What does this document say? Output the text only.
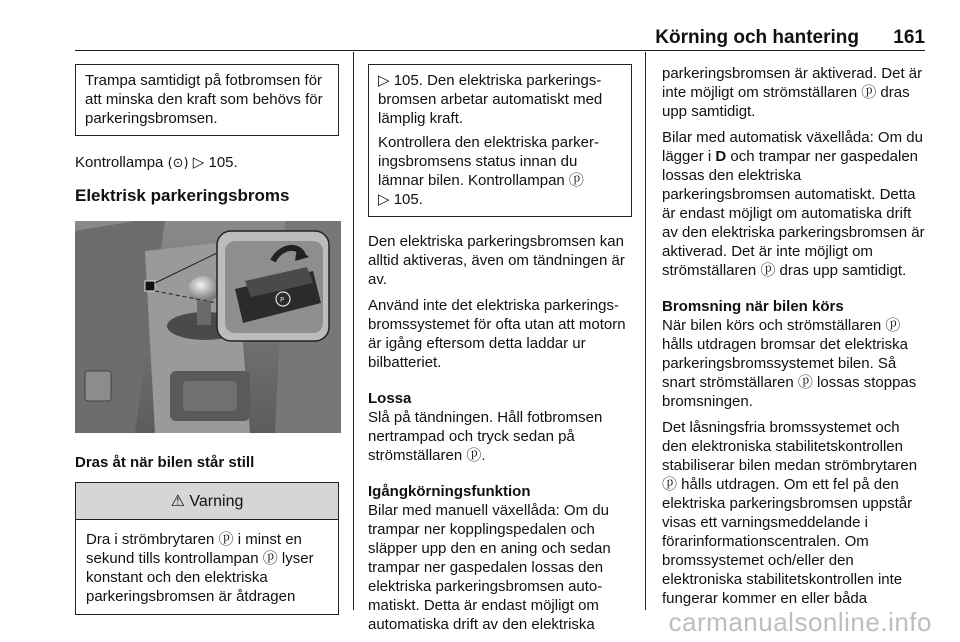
Körning och hantering 161

Trampa samtidigt på fotbromsen för att minska den kraft som behövs för parkeringsbromsen.

Kontrollampa (⊙) ▷ 105.

Elektrisk parkeringsbroms

P

Dras åt när bilen står still

⚠ Varning

Dra i strömbrytaren ⓟ i minst en sekund tills kontrollampan ⓟ lyser konstant och den elektriska parkeringsbromsen är åtdragen

▷ 105. Den elektriska parkeringsbromsen arbetar automatiskt med lämplig kraft.

Kontrollera den elektriska parkeringsbromsens status innan du lämnar bilen. Kontrollampan ⓟ
▷ 105.

Den elektriska parkeringsbromsen kan alltid aktiveras, även om tändningen är av.

Använd inte det elektriska parkeringsbromssystemet för ofta utan att motorn är igång eftersom detta laddar ur bilbatteriet.

Lossa

Slå på tändningen. Håll fotbromsen nertrampad och tryck sedan på strömställaren ⓟ.

Igångkörningsfunktion

Bilar med manuell växellåda: Om du trampar ner kopplingspedalen och släpper upp den en aning och sedan trampar ner gaspedalen lossas den elektriska parkeringsbromsen automatiskt. Detta är endast möjligt om automatiska drift av den elektriska

parkeringsbromsen är aktiverad. Det är inte möjligt om strömställaren ⓟ dras upp samtidigt.

Bilar med automatisk växellåda: Om du lägger i D och trampar ner gaspedalen lossas den elektriska parkeringsbromsen automatiskt. Detta är endast möjligt om automatiska drift av den elektriska parkeringsbromsen är aktiverad. Det är inte möjligt om strömställaren ⓟ dras upp samtidigt.

Bromsning när bilen körs

När bilen körs och strömställaren ⓟ hålls utdragen bromsar det elektriska parkeringsbromssystemet bilen. Så snart strömställaren ⓟ lossas stoppas bromsningen.

Det låsningsfria bromssystemet och den elektroniska stabilitetskontrollen stabiliserar bilen medan strömbrytaren ⓟ hålls utdragen. Om ett fel på den elektriska parkeringsbromsen uppstår visas ett varningsmeddelande i förarinformationscentralen. Om bromssystemet och/eller den elektroniska stabilitetskontrollen inte fungerar kommer en eller båda

carmanualsonline.info
